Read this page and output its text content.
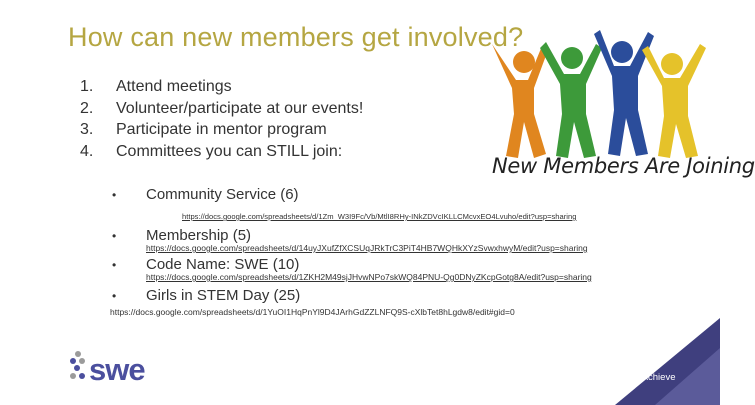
How can new members get involved?
1. Attend meetings
2. Volunteer/participate at our events!
3. Participate in mentor program
4. Committees you can STILL join:
• Community Service (6)
https://docs.google.com/spreadsheets/d/1Zm_W3I9Fc/Vb/MtlI8RHy-INkZDVcIKLLCMcvxEO4Lvuho/edit?usp=sharing
• Membership (5)
https://docs.google.com/spreadsheets/d/14uyJXufZfXCSUqJRkTrC3PiT4HB7WQHkXYzSvwxhwyM/edit?usp=sharing
• Code Name: SWE (10)
https://docs.google.com/spreadsheets/d/1ZKH2M49sjJHvwNPo7skWQ84PNU-Qg0DNyZKcpGotg8A/edit?usp=sharing
• Girls in STEM Day (25)
https://docs.google.com/spreadsheets/d/1YuOI1HqPnYl9D4JArhGdZZLNFQ9S-cXlbTet8hLgdw8/edit#gid=0
New Members Are Joining
swe	Aspire / Advance / Achieve
